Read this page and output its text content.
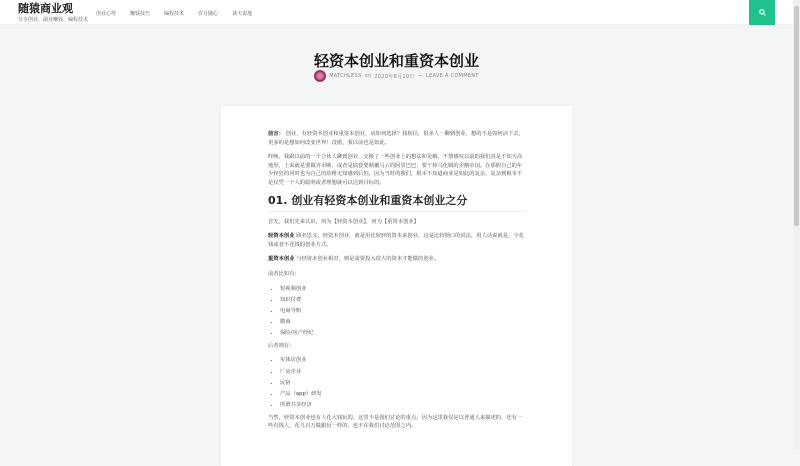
随猿商业观
分享创业、副业赚钱、编程技术
创业心得	赚钱技巧	编程技术	岁月随心	谈天说地
轻资本创业和重资本创业
MATCHLESS on 2020年8月19日 — LEAVE A COMMENT

前言： 创业，有轻资本创业和重资本创业，该如何选择？我相信，很多人一聊到创业，想的不是如何活下去，更多的是想如何改变世界！没错，我以前也是如此。

昨晚，我跟以前的一个合伙人聊到创业，交换了一些创业上的想法和见解。不禁感叹以前的我们真是不知天高地厚，上来就是要做齐市断，或者是搞套要颠覆马云的阿里巴巴，要干掉马化腾的企鹅帝国。在那假自己的年少轻狂的同时也为自己的幼稚无知感到后怕。因为当时的我们，根本不知道商业是如此的复杂，复杂到根本不是仅凭一个人的聪明或者理想就可以达到目标的。

01. 创业有轻资本创业和重资本创业之分

首先，我们先来认识，何为【轻资本创业】，何为【重资本创业】

轻资本创业 顾名思义，轻资本创业，就是用比较轻的资本来创业，这是比较拗口的说法，用人话说就是，少花钱或者不花钱的创业方式。

重资本创业 与轻资本创业相对，则是需要投入很大的资本才能做的创业。

前者比如有：

• 短视频创业
• 知识付费
• 电商导购
• 微商
• 保险/房产经纪

后者则有：

• 实体店创业
• 厂房企业
• 民宿
• 产品（app）研发
• 所谓共享经济

当然，轻资本创业也有人花大钱玩的，这里不是我们讨论的重点。因为这里我仅是以普通人来描述的，还有一些有钱人，花几百万做跟玩一样的，也不在我们讨论范围之内。
